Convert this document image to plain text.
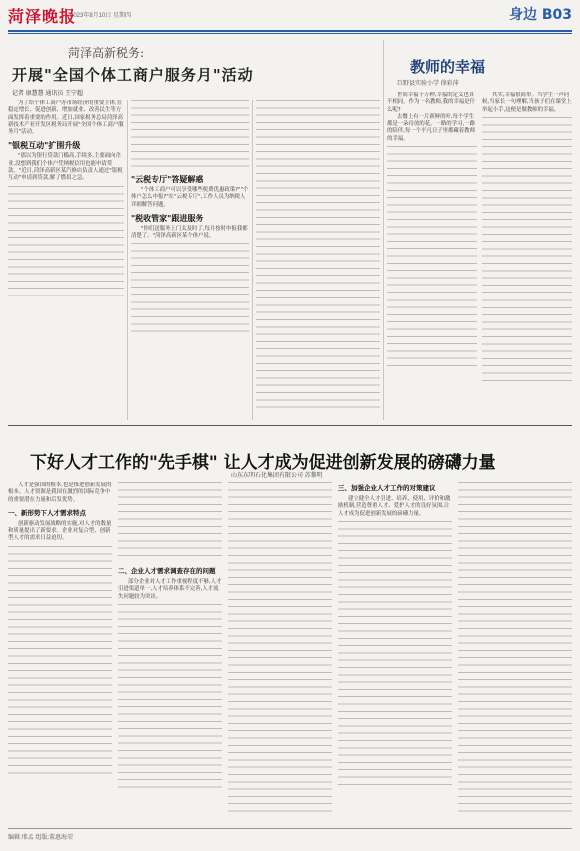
菏泽晚报
2023年8月10日 星期四	身边 B03
菏泽高新税务:
开展"全国个体工商户服务月"活动
记者 康慧慧 通讯员 王宁超

为了给个体工商户办市场经济的重要主体,在稳定增长、促进创新、增加就业、改善民生等方面发挥着重要的作用。近日,国家税务总局菏泽高新技术产业开发区税务局开展"全国个体工商户服务月"活动。

"银税互动"扩围升级

"那以为银行贷款门槛高,手续多,主要面向企业,没想到我们个体户凭纳税信用也能申请贷款。"近日,菏泽高新区某汽修店负责人通过"银税互动"申请到贷款,解了燃眉之急。	"云税专厅"答疑解惑

"个体工商户可以享受哪些税费优惠政策?""个体户怎么申报?"在"云税专厅",工作人员为纳税人详细解答问题。

"税收管家"跟进服务

"你们送服务上门太及时了,每月按时申报我都清楚了。"菏泽高新区某个体户说。

教师的幸福
巨野县实验小学 徐彩萍

世间幸福千万种,幸福的定义也各不相同。作为一名教师,我的幸福是什么呢?

去餐上有一片新鲜的叶,每个学生都是一朵待放的花。一路的学习,一路的陪伴,每一个平凡日子里都藏着教师的幸福。

其实,幸福很简单。当学生一声问候,当家长一句理解,当孩子们在课堂上举起小手,这便是做教师的幸福。

下好人才工作的"先手棋" 让人才成为促进创新发展的磅礴力量
山东东明石化集团有限公司 苏黎明

人才是强国的根本,也是推进创新发展的根本。人才资源是我国在激烈的国际竞争中的重要潜在力量和后发优势。

一、新形势下人才需求特点

创新驱动发展战略的实施,对人才的数量和质量提出了新要求。企业对复合型、创新型人才的需求日益迫切。

二、企业人才需求调查存在的问题

部分企业对人才工作重视程度不够,人才引进渠道单一,人才培养体系不完善,人才流失问题较为突出。

三、加强企业人才工作的对策建议

建立健全人才引进、培养、使用、评价和激励机制,营造尊重人才、爱护人才的良好氛围,让人才成为促进创新发展的磅礴力量。

编辑:邢孟 组版:董惠海荣
